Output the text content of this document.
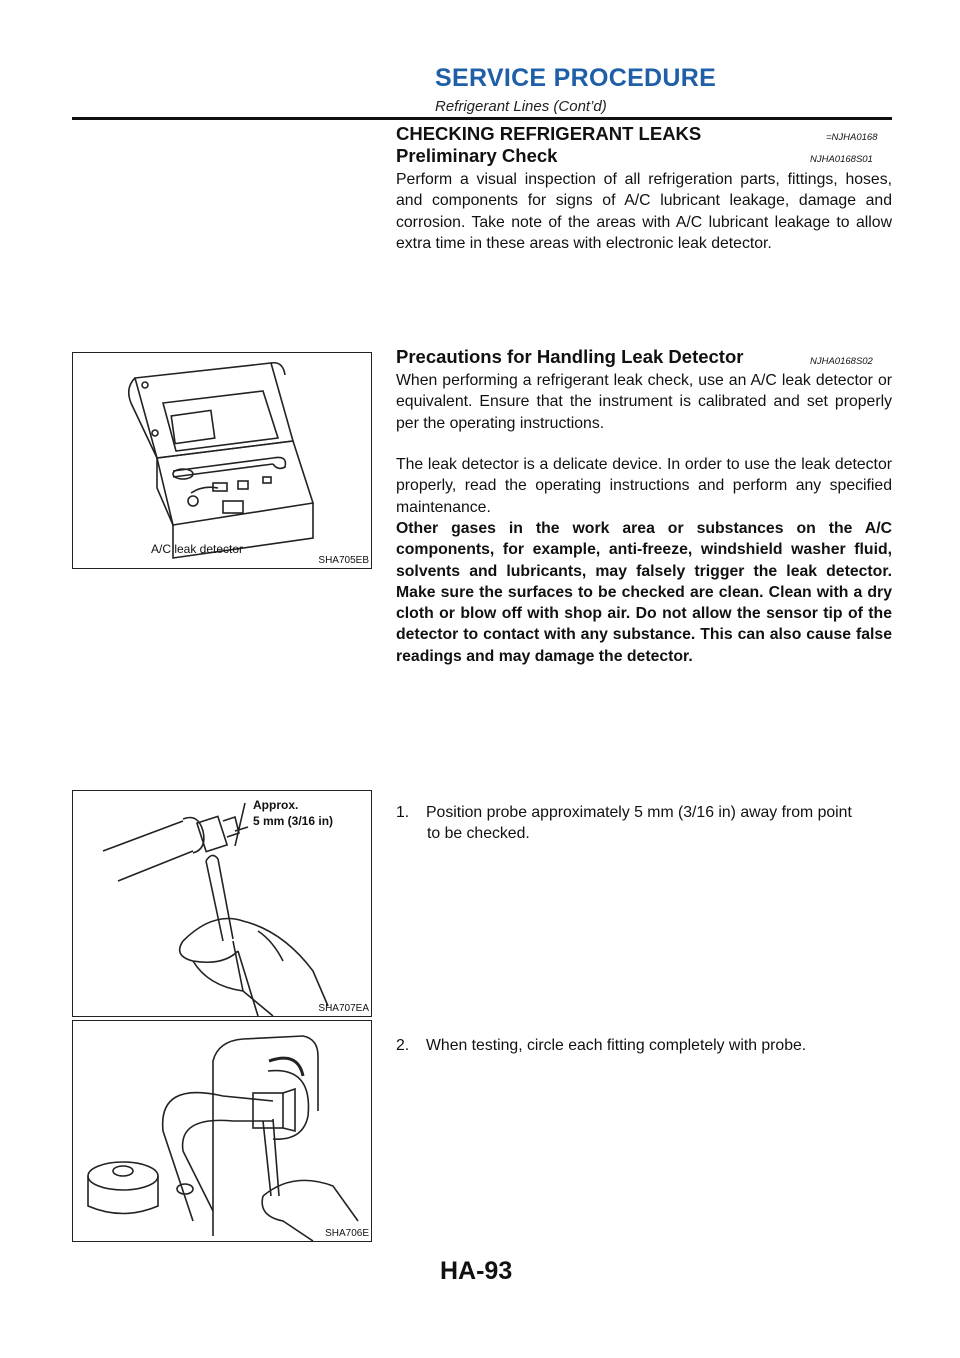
SERVICE PROCEDURE
Refrigerant Lines (Cont’d)
CHECKING REFRIGERANT LEAKS	=NJHA0168
Preliminary Check	NJHA0168S01
Perform a visual inspection of all refrigeration parts, fittings, hoses, and components for signs of A/C lubricant leakage, damage and corrosion. Take note of the areas with A/C lubricant leakage to allow extra time in these areas with electronic leak detector.
Precautions for Handling Leak Detector	NJHA0168S02
When performing a refrigerant leak check, use an A/C leak detector or equivalent. Ensure that the instrument is calibrated and set properly per the operating instructions.
The leak detector is a delicate device. In order to use the leak detector properly, read the operating instructions and perform any specified maintenance.
Other gases in the work area or substances on the A/C components, for example, anti-freeze, windshield washer fluid, solvents and lubricants, may falsely trigger the leak detector. Make sure the surfaces to be checked are clean. Clean with a dry cloth or blow off with shop air. Do not allow the sensor tip of the detector to contact with any substance. This can also cause false readings and may damage the detector.
1. Position probe approximately 5 mm (3/16 in) away from point
to be checked.
2. When testing, circle each fitting completely with probe.
A/C leak detector
SHA705EB
Approx.
5 mm (3/16 in)
SHA707EA
SHA706E
HA-93
